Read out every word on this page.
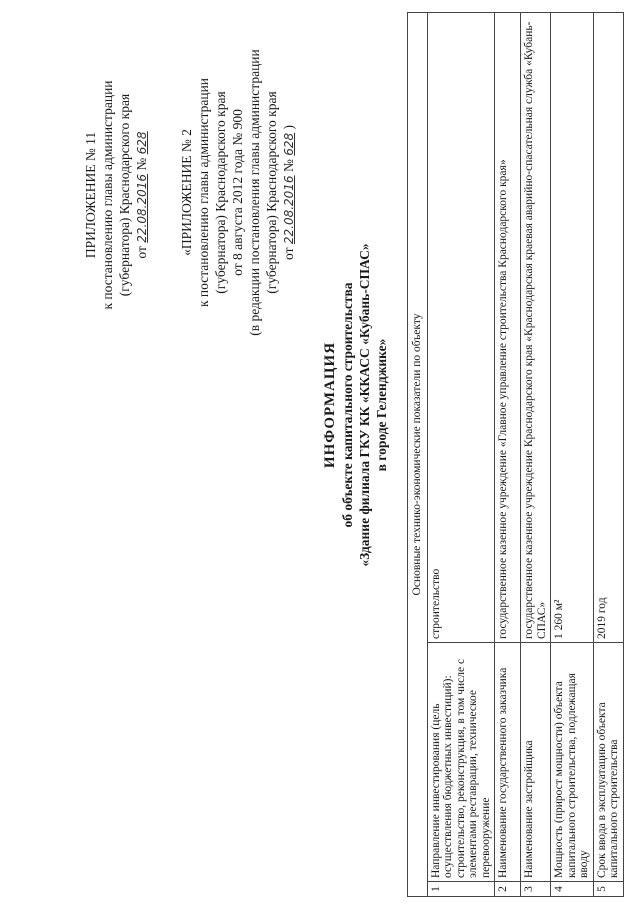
ПРИЛОЖЕНИЕ № 11 к постановлению главы администрации (губернатора) Краснодарского края от 22.08.2016 № 628 «ПРИЛОЖЕНИЕ № 2 к постановлению главы администрации (губернатора) Краснодарского края от 8 августа 2012 года № 900 (в редакции постановления главы администрации (губернатора) Краснодарского края от 22.08.2016 № 628 )
ИНФОРМАЦИЯ об объекте капитального строительства «Здание филиала ГКУ КК «ККАСС «Кубань-СПАС» в городе Геленджике» Основные технико-экономические показатели по объекту		
1	Направление инвестирования (цель осуществления бюджетных инвестиций): строительство, реконструкция, в том числе с элементами реставрации, техническое перевооружение	строительство
2	Наименование государственного заказчика	государственное казенное учреждение «Главное управление строительства Краснодарского края»
3	Наименование застройщика	государственное казенное учреждение Краснодарского края «Краснодарская краевая аварийно-спасательная служба «Кубань-СПАС»
4	Мощность (прирост мощности) объекта капитального строительства, подлежащая вводу	1 260 м²
5	Срок ввода в эксплуатацию объекта капитального строительства	2019 год
